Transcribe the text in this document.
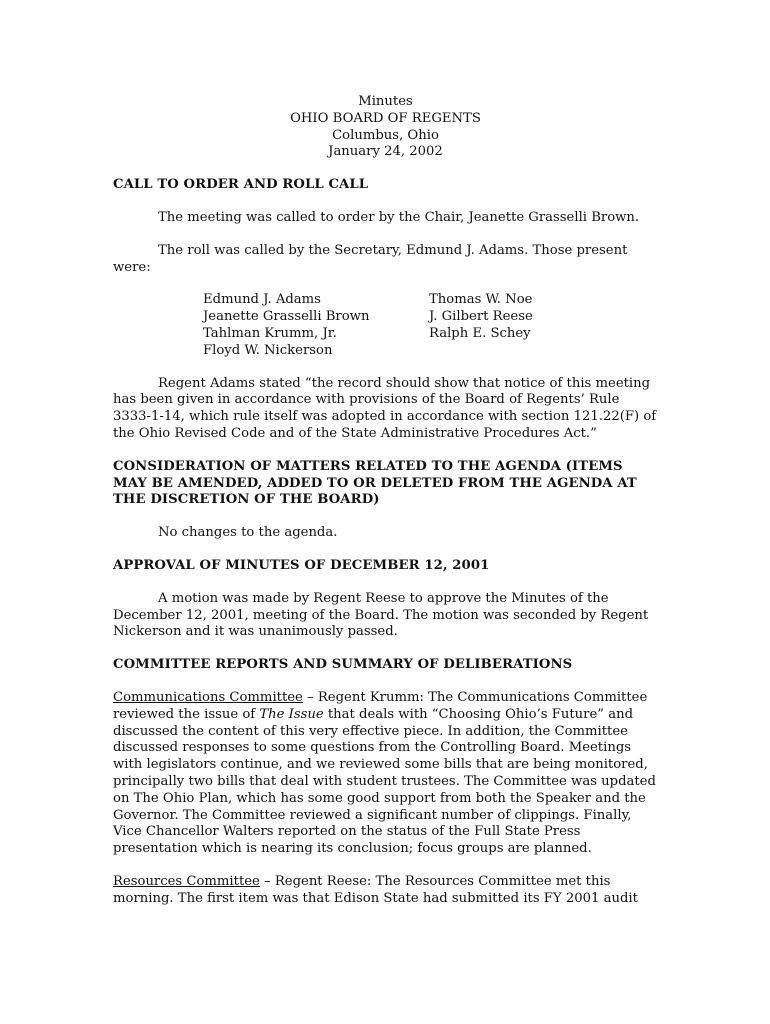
Minutes
OHIO BOARD OF REGENTS
Columbus, Ohio
January 24, 2002

CALL TO ORDER AND ROLL CALL

The meeting was called to order by the Chair, Jeanette Grasselli Brown.

The roll was called by the Secretary, Edmund J. Adams. Those present

were:

Edmund J. Adams	Thomas W. Noe
Jeanette Grasselli Brown	J. Gilbert Reese
Tahlman Krumm, Jr.	Ralph E. Schey
Floyd W. Nickerson

Regent Adams stated “the record should show that notice of this meeting has been given in accordance with provisions of the Board of Regents’ Rule 3333-1-14, which rule itself was adopted in accordance with section 121.22(F) of the Ohio Revised Code and of the State Administrative Procedures Act.”

CONSIDERATION OF MATTERS RELATED TO THE AGENDA (ITEMS MAY BE AMENDED, ADDED TO OR DELETED FROM THE AGENDA AT THE DISCRETION OF THE BOARD)

No changes to the agenda.

APPROVAL OF MINUTES OF DECEMBER 12, 2001

A motion was made by Regent Reese to approve the Minutes of the December 12, 2001, meeting of the Board. The motion was seconded by Regent Nickerson and it was unanimously passed.

COMMITTEE REPORTS AND SUMMARY OF DELIBERATIONS

Communications Committee – Regent Krumm: The Communications Committee reviewed the issue of The Issue that deals with “Choosing Ohio’s Future” and discussed the content of this very effective piece. In addition, the Committee discussed responses to some questions from the Controlling Board. Meetings with legislators continue, and we reviewed some bills that are being monitored, principally two bills that deal with student trustees. The Committee was updated on The Ohio Plan, which has some good support from both the Speaker and the Governor. The Committee reviewed a significant number of clippings. Finally, Vice Chancellor Walters reported on the status of the Full State Press presentation which is nearing its conclusion; focus groups are planned.

Resources Committee – Regent Reese: The Resources Committee met this morning. The first item was that Edison State had submitted its FY 2001 audit
